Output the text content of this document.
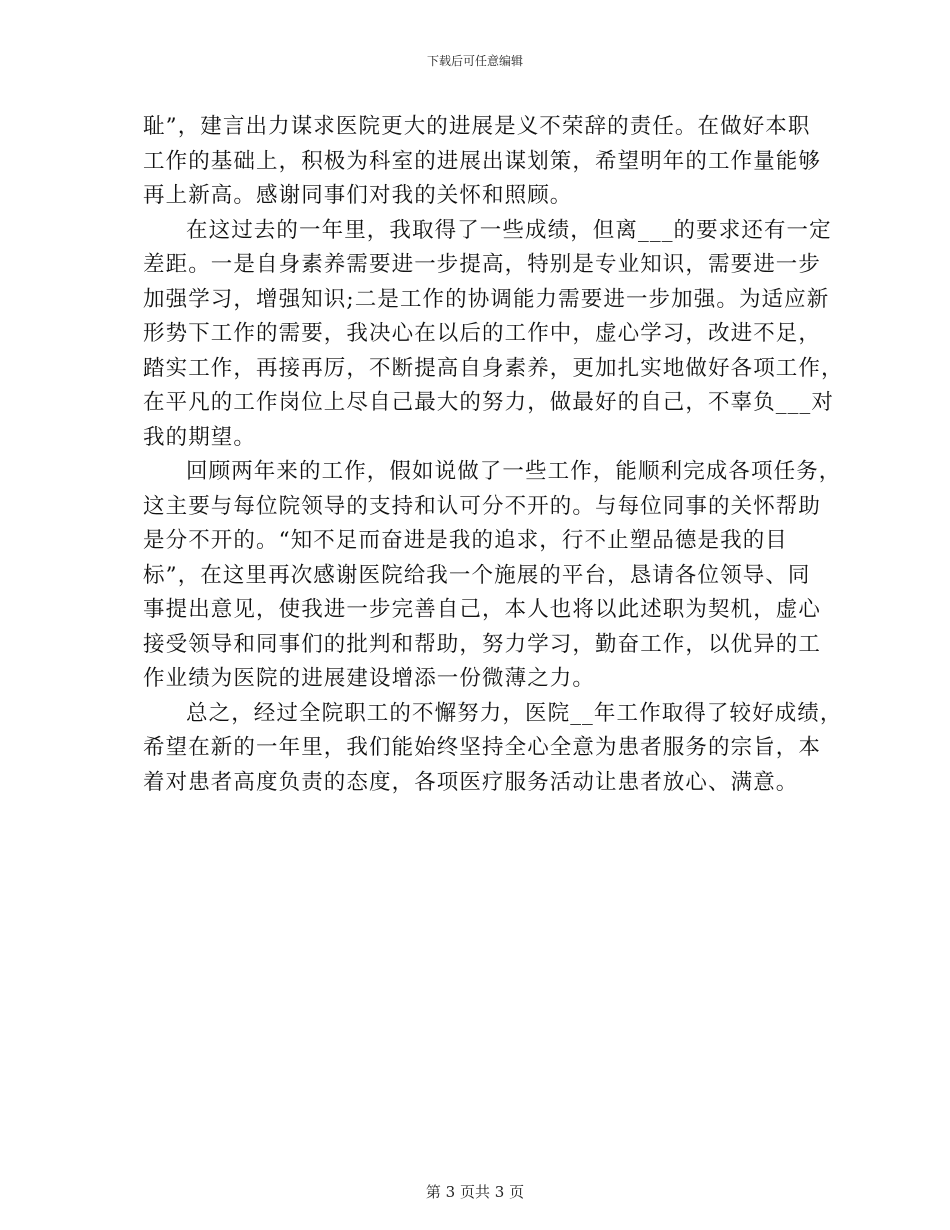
下载后可任意编辑
耻”，建言出力谋求医院更大的进展是义不荣辞的责任。在做好本职
工作的基础上，积极为科室的进展出谋划策，希望明年的工作量能够
再上新高。感谢同事们对我的关怀和照顾。
在这过去的一年里，我取得了一些成绩，但离___的要求还有一定
差距。一是自身素养需要进一步提高，特别是专业知识，需要进一步
加强学习，增强知识;二是工作的协调能力需要进一步加强。为适应新
形势下工作的需要，我决心在以后的工作中，虚心学习，改进不足，
踏实工作，再接再厉，不断提高自身素养，更加扎实地做好各项工作，
在平凡的工作岗位上尽自己最大的努力，做最好的自己，不辜负___对
我的期望。
回顾两年来的工作，假如说做了一些工作，能顺利完成各项任务，
这主要与每位院领导的支持和认可分不开的。与每位同事的关怀帮助
是分不开的。“知不足而奋进是我的追求，行不止塑品德是我的目
标”，在这里再次感谢医院给我一个施展的平台，恳请各位领导、同
事提出意见，使我进一步完善自己，本人也将以此述职为契机，虚心
接受领导和同事们的批判和帮助，努力学习，勤奋工作，以优异的工
作业绩为医院的进展建设增添一份微薄之力。
总之，经过全院职工的不懈努力，医院__年工作取得了较好成绩，
希望在新的一年里，我们能始终坚持全心全意为患者服务的宗旨，本
着对患者高度负责的态度，各项医疗服务活动让患者放心、满意。
第 3 页共 3 页
